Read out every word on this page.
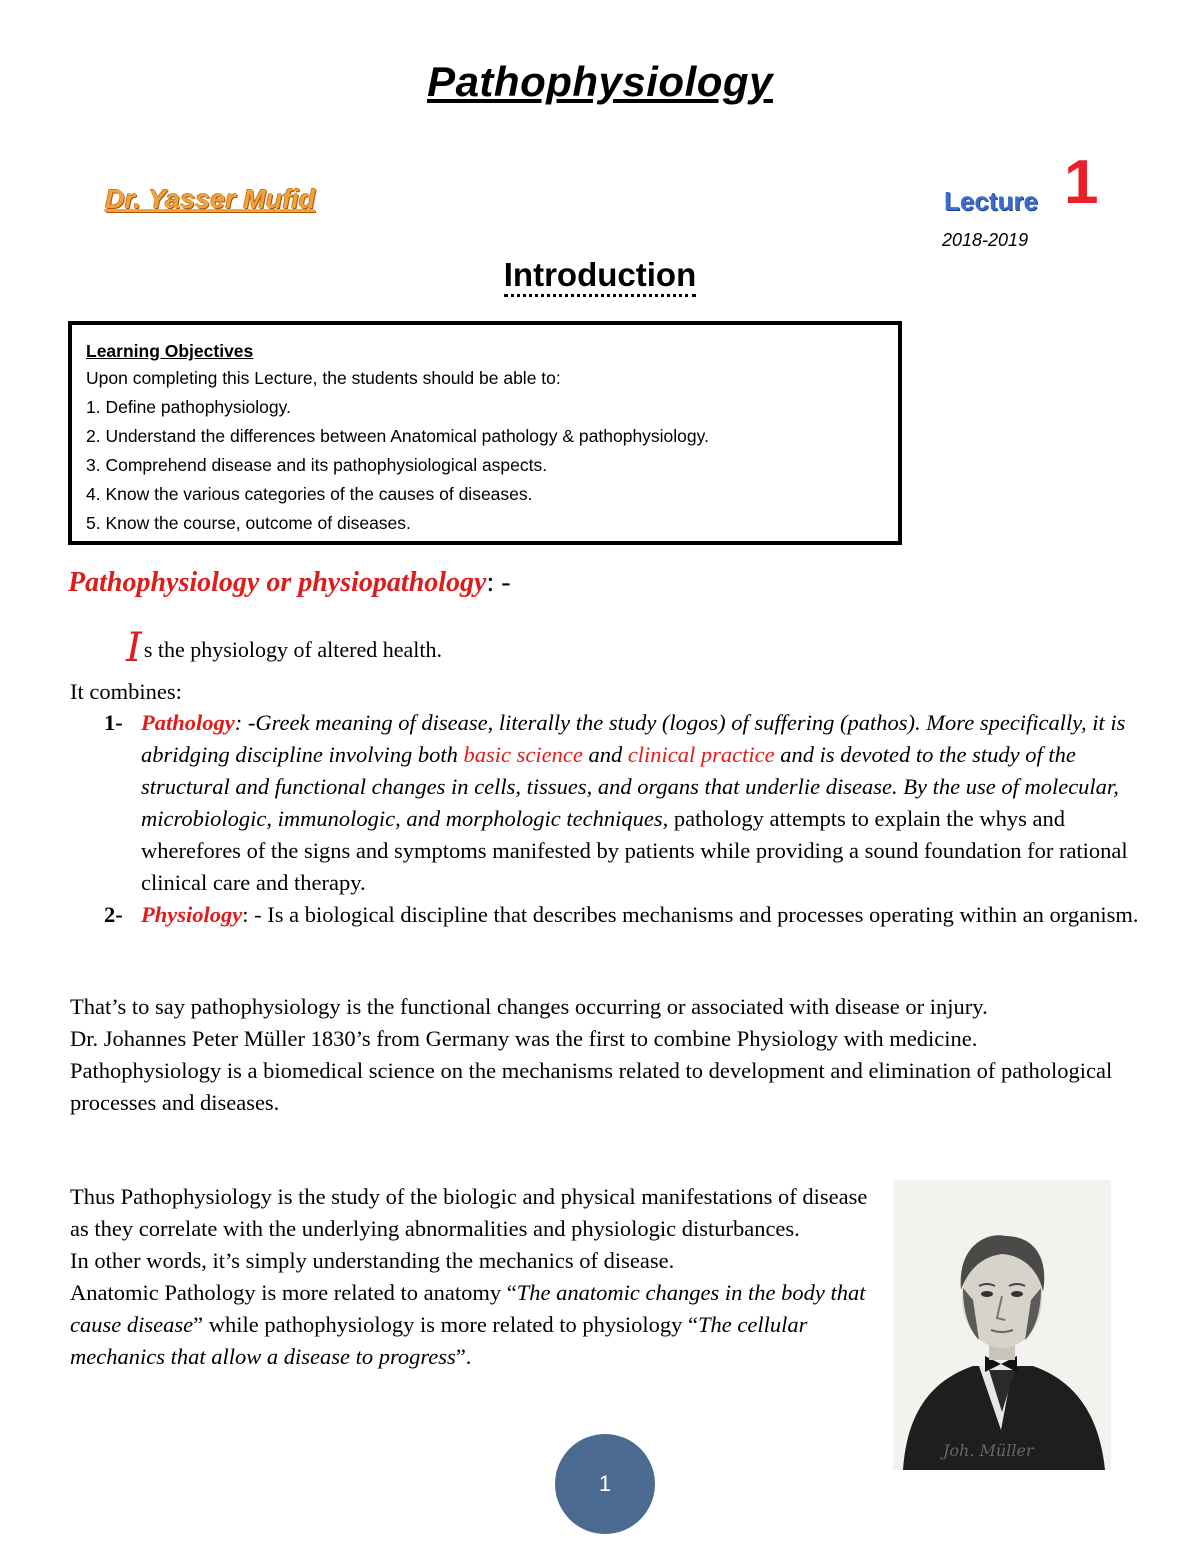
Pathophysiology
Dr. Yasser Mufid	Lecture 1
2018-2019
Introduction
Learning Objectives
Upon completing this Lecture, the students should be able to:
1. Define pathophysiology.
2. Understand the differences between Anatomical pathology & pathophysiology.
3. Comprehend disease and its pathophysiological aspects.
4. Know the various categories of the causes of diseases.
5. Know the course, outcome of diseases.
Pathophysiology or physiopathology: -
Is the physiology of altered health.
It combines:
1- Pathology: -Greek meaning of disease, literally the study (logos) of suffering (pathos). More specifically, it is abridging discipline involving both basic science and clinical practice and is devoted to the study of the structural and functional changes in cells, tissues, and organs that underlie disease. By the use of molecular, microbiologic, immunologic, and morphologic techniques, pathology attempts to explain the whys and wherefores of the signs and symptoms manifested by patients while providing a sound foundation for rational clinical care and therapy.
2- Physiology: - Is a biological discipline that describes mechanisms and processes operating within an organism.
That’s to say pathophysiology is the functional changes occurring or associated with disease or injury.
Dr. Johannes Peter Müller 1830’s from Germany was the first to combine Physiology with medicine.
Pathophysiology is a biomedical science on the mechanisms related to development and elimination of pathological processes and diseases.
Thus Pathophysiology is the study of the biologic and physical manifestations of disease as they correlate with the underlying abnormalities and physiologic disturbances.
In other words, it’s simply understanding the mechanics of disease.
Anatomic Pathology is more related to anatomy “The anatomic changes in the body that cause disease” while pathophysiology is more related to physiology “The cellular mechanics that allow a disease to progress”.
Joh. Müller
1
